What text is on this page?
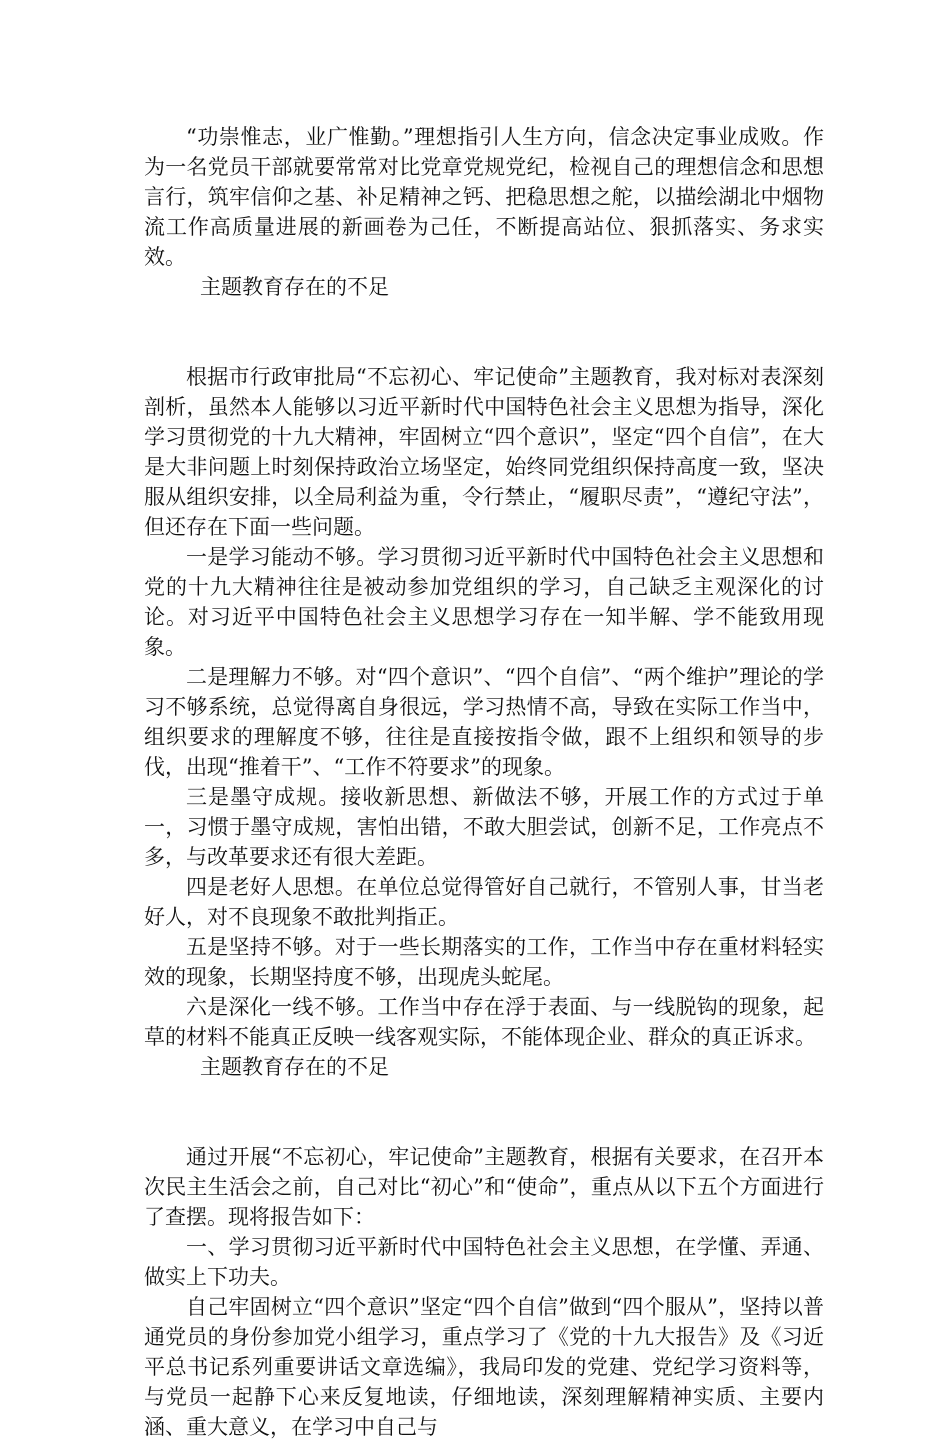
“功崇惟志，业广惟勤。”理想指引人生方向，信念决定事业成败。作为一名党员干部就要常常对比党章党规党纪，检视自己的理想信念和思想言行，筑牢信仰之基、补足精神之钙、把稳思想之舵，以描绘湖北中烟物流工作高质量进展的新画卷为己任，不断提高站位、狠抓落实、务求实效。

主题教育存在的不足

根据市行政审批局“不忘初心、牢记使命”主题教育，我对标对表深刻剖析，虽然本人能够以习近平新时代中国特色社会主义思想为指导，深化学习贯彻党的十九大精神，牢固树立“四个意识”，坚定“四个自信”，在大是大非问题上时刻保持政治立场坚定，始终同党组织保持高度一致，坚决服从组织安排，以全局利益为重，令行禁止，“履职尽责”，“遵纪守法”，但还存在下面一些问题。

一是学习能动不够。学习贯彻习近平新时代中国特色社会主义思想和党的十九大精神往往是被动参加党组织的学习，自己缺乏主观深化的讨论。对习近平中国特色社会主义思想学习存在一知半解、学不能致用现象。

二是理解力不够。对“四个意识”、“四个自信”、“两个维护”理论的学习不够系统，总觉得离自身很远，学习热情不高，导致在实际工作当中，组织要求的理解度不够，往往是直接按指令做，跟不上组织和领导的步伐，出现“推着干”、“工作不符要求”的现象。

三是墨守成规。接收新思想、新做法不够，开展工作的方式过于单一，习惯于墨守成规，害怕出错，不敢大胆尝试，创新不足，工作亮点不多，与改革要求还有很大差距。

四是老好人思想。在单位总觉得管好自己就行，不管别人事，甘当老好人，对不良现象不敢批判指正。

五是坚持不够。对于一些长期落实的工作，工作当中存在重材料轻实效的现象，长期坚持度不够，出现虎头蛇尾。

六是深化一线不够。工作当中存在浮于表面、与一线脱钩的现象，起草的材料不能真正反映一线客观实际，不能体现企业、群众的真正诉求。

主题教育存在的不足

通过开展“不忘初心，牢记使命”主题教育，根据有关要求，在召开本次民主生活会之前，自己对比“初心”和“使命”，重点从以下五个方面进行了查摆。现将报告如下：

一、学习贯彻习近平新时代中国特色社会主义思想，在学懂、弄通、做实上下功夫。

自己牢固树立“四个意识”坚定“四个自信”做到“四个服从”，坚持以普通党员的身份参加党小组学习，重点学习了《党的十九大报告》及《习近平总书记系列重要讲话文章选编》，我局印发的党建、党纪学习资料等，与党员一起静下心来反复地读，仔细地读，深刻理解精神实质、主要内涵、重大意义，在学习中自己与
